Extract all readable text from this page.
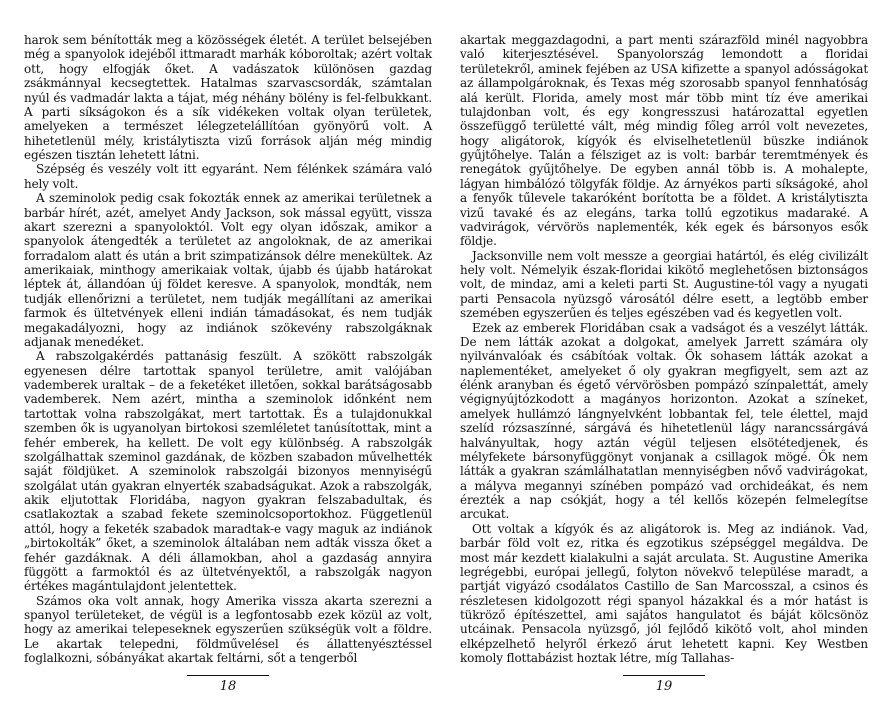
harok sem bénították meg a közösségek életét. A terület belsejében még a spanyolok idejéből ittmaradt marhák kóboroltak; azért voltak ott, hogy elfogják őket. A vadászatok különösen gazdag zsákmánnyal kecsegtettek. Hatalmas szarvascsordák, számtalan nyúl és vadmadár lakta a tájat, még néhány bölény is fel-felbukkant. A parti síkságokon és a sík vidékeken voltak olyan területek, amelyeken a természet lélegzetelállítóan gyönyörű volt. A hihetetlenül mély, kristálytiszta vizű források alján még mindig egészen tisztán lehetett látni.

Szépség és veszély volt itt egyaránt. Nem félénkek számára való hely volt.

A szeminolok pedig csak fokozták ennek az amerikai területnek a barbár hírét, azét, amelyet Andy Jackson, sok mással együtt, vissza akart szerezni a spanyoloktól. Volt egy olyan időszak, amikor a spanyolok átengedték a területet az angoloknak, de az amerikai forradalom alatt és után a brit szimpatizánsok délre menekültek. Az amerikaiak, minthogy amerikaiak voltak, újabb és újabb határokat léptek át, állandóan új földet keresve. A spanyolok, mondták, nem tudják ellenőrizni a területet, nem tudják megállítani az amerikai farmok és ültetvények elleni indián támadásokat, és nem tudják megakadályozni, hogy az indiánok szökevény rabszolgáknak adjanak menedéket.

A rabszolgakérdés pattanásig feszült. A szökött rabszolgák egyenesen délre tartottak spanyol területre, amit valójában vademberek uraltak – de a feketéket illetően, sokkal barátságosabb vademberek. Nem azért, mintha a szeminolok időnként nem tartottak volna rabszolgákat, mert tartottak. És a tulajdonukkal szemben ők is ugyanolyan birtokosi szemléletet tanúsítottak, mint a fehér emberek, ha kellett. De volt egy különbség. A rabszolgák szolgálhattak szeminol gazdának, de közben szabadon művelhették saját földjüket. A szeminolok rabszolgái bizonyos mennyiségű szolgálat után gyakran elnyerték szabadságukat. Azok a rabszolgák, akik eljutottak Floridába, nagyon gyakran felszabadultak, és csatlakoztak a szabad fekete szeminolcsoportokhoz. Függetlenül attól, hogy a feketék szabadok maradtak-e vagy maguk az indiánok „birtokolták” őket, a szeminolok általában nem adták vissza őket a fehér gazdáknak. A déli államokban, ahol a gazdaság annyira függött a farmoktól és az ültetvényektől, a rabszolgák nagyon értékes magántulajdont jelentettek.

Számos oka volt annak, hogy Amerika vissza akarta szerezni a spanyol területeket, de végül is a legfontosabb ezek közül az volt, hogy az amerikai telepeseknek egyszerűen szükségük volt a földre. Le akartak telepedni, földművelésel és állattenyésztéssel foglalkozni, sóbányákat akartak feltárni, sőt a tengerből

18

akartak meggazdagodni, a part menti szárazföld minél nagyobbra való kiterjesztésével. Spanyolország lemondott a floridai területekről, aminek fejében az USA kifizette a spanyol adósságokat az állampolgároknak, és Texas még szorosabb spanyol fennhatóság alá került. Florida, amely most már több mint tíz éve amerikai tulajdonban volt, és egy kongresszusi határozattal egyetlen összefüggő területté vált, még mindig főleg arról volt nevezetes, hogy aligátorok, kígyók és elviselhetetlenül büszke indiánok gyűjtőhelye. Talán a félsziget az is volt: barbár teremtmények és renegátok gyűjtőhelye. De egyben annál több is. A mohalepte, lágyan himbálózó tölgyfák földje. Az árnyékos parti síkságoké, ahol a fenyők tűlevele takaróként borította be a földet. A kristálytiszta vizű tavaké és az elegáns, tarka tollú egzotikus madaraké. A vadvirágok, vérvörös naplementék, kék egek és bársonyos esők földje.

Jacksonville nem volt messze a georgiai határtól, és elég civilizált hely volt. Némelyik észak-floridai kikötő meglehetősen biztonságos volt, de mindaz, ami a keleti parti St. Augustine-tól vagy a nyugati parti Pensacola nyüzsgő városától délre esett, a legtöbb ember szemében egyszerűen és teljes egészében vad és kegyetlen volt.

Ezek az emberek Floridában csak a vadságot és a veszélyt látták. De nem látták azokat a dolgokat, amelyek Jarrett számára oly nyilvánvalóak és csábítóak voltak. Ők sohasem látták azokat a naplementéket, amelyeket ő oly gyakran megfigyelt, sem azt az élénk aranyban és égető vérvörösben pompázó színpalettát, amely végignyújtózkodott a magányos horizonton. Azokat a színeket, amelyek hullámzó lángnyelvként lobbantak fel, tele élettel, majd szelíd rózsaszínné, sárgává és hihetetlenül lágy narancssárgává halványultak, hogy aztán végül teljesen elsötétedjenek, és mélyfekete bársonyfüggönyt vonjanak a csillagok mögé. Ők nem látták a gyakran számlálhatatlan mennyiségben nővő vadvirágokat, a mályva megannyi színében pompázó vad orchideákat, és nem érezték a nap csókját, hogy a tél kellős közepén felmelegítse arcukat.

Ott voltak a kígyók és az aligátorok is. Meg az indiánok. Vad, barbár föld volt ez, ritka és egzotikus szépséggel megáldva. De most már kezdett kialakulni a saját arculata. St. Augustine Amerika legrégebbi, európai jellegű, folyton növekvő települése maradt, a partját vigyázó csodálatos Castillo de San Marcosszal, a csinos és részletesen kidolgozott régi spanyol házakkal és a mór hatást is tükröző építészettel, ami sajátos hangulatot és báját kölcsönöz utcáinak. Pensacola nyüzsgő, jól fejlődő kikötő volt, ahol minden elképzelhető helyről érkező árut lehetett kapni. Key Westben komoly flottabázist hoztak létre, míg Tallahas-

19
